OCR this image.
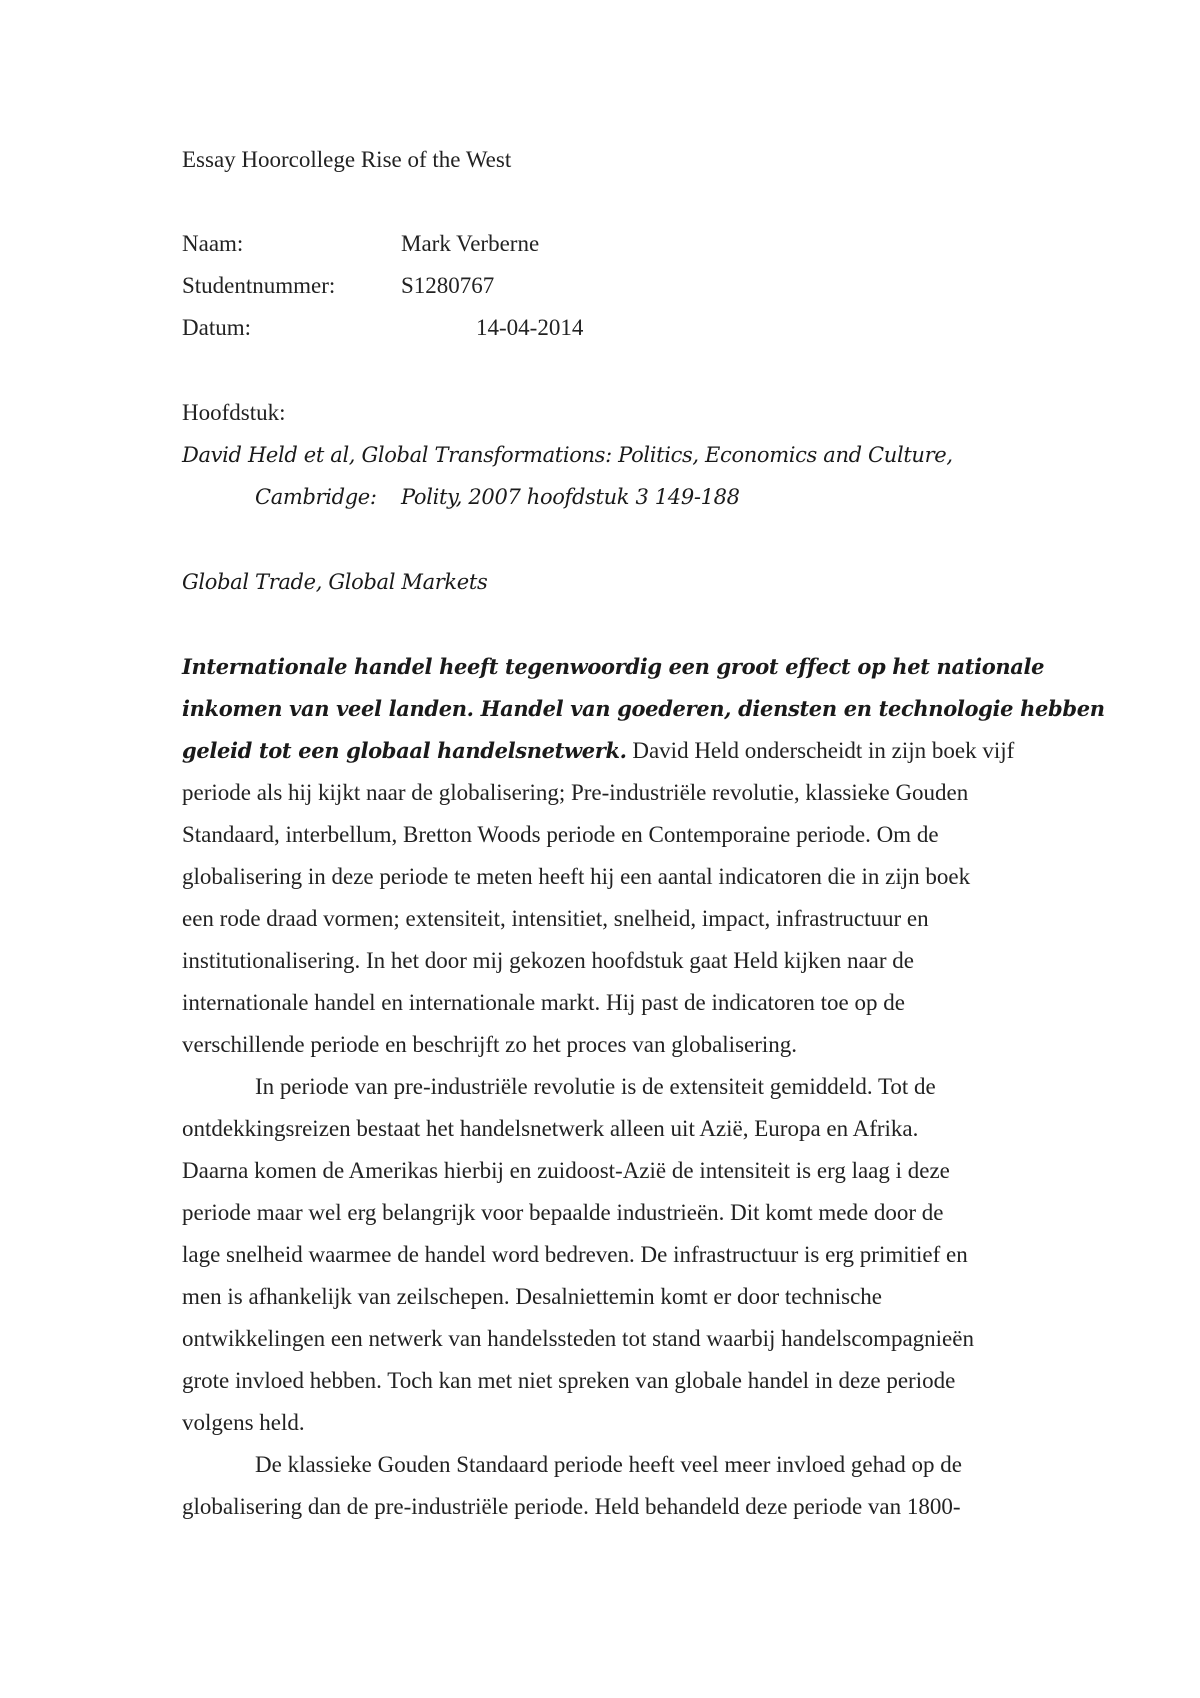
Essay Hoorcollege Rise of the West
Naam:	Mark Verberne
Studentnummer:	S1280767
Datum:	14-04-2014
Hoofdstuk:
David Held et al, Global Transformations: Politics, Economics and Culture,
Cambridge: Polity, 2007 hoofdstuk 3 149-188
Global Trade, Global Markets
Internationale handel heeft tegenwoordig een groot effect op het nationale
inkomen van veel landen. Handel van goederen, diensten en technologie hebben
geleid tot een globaal handelsnetwerk. David Held onderscheidt in zijn boek vijf
periode als hij kijkt naar de globalisering; Pre-industriële revolutie, klassieke Gouden
Standaard, interbellum, Bretton Woods periode en Contemporaine periode. Om de
globalisering in deze periode te meten heeft hij een aantal indicatoren die in zijn boek
een rode draad vormen; extensiteit, intensitiet, snelheid, impact, infrastructuur en
institutionalisering. In het door mij gekozen hoofdstuk gaat Held kijken naar de
internationale handel en internationale markt. Hij past de indicatoren toe op de
verschillende periode en beschrijft zo het proces van globalisering.
In periode van pre-industriële revolutie is de extensiteit gemiddeld. Tot de
ontdekkingsreizen bestaat het handelsnetwerk alleen uit Azië, Europa en Afrika.
Daarna komen de Amerikas hierbij en zuidoost-Azië de intensiteit is erg laag i deze
periode maar wel erg belangrijk voor bepaalde industrieën. Dit komt mede door de
lage snelheid waarmee de handel word bedreven. De infrastructuur is erg primitief en
men is afhankelijk van zeilschepen. Desalniettemin komt er door technische
ontwikkelingen een netwerk van handelssteden tot stand waarbij handelscompagnieën
grote invloed hebben. Toch kan met niet spreken van globale handel in deze periode
volgens held.
De klassieke Gouden Standaard periode heeft veel meer invloed gehad op de
globalisering dan de pre-industriële periode. Held behandeld deze periode van 1800-
